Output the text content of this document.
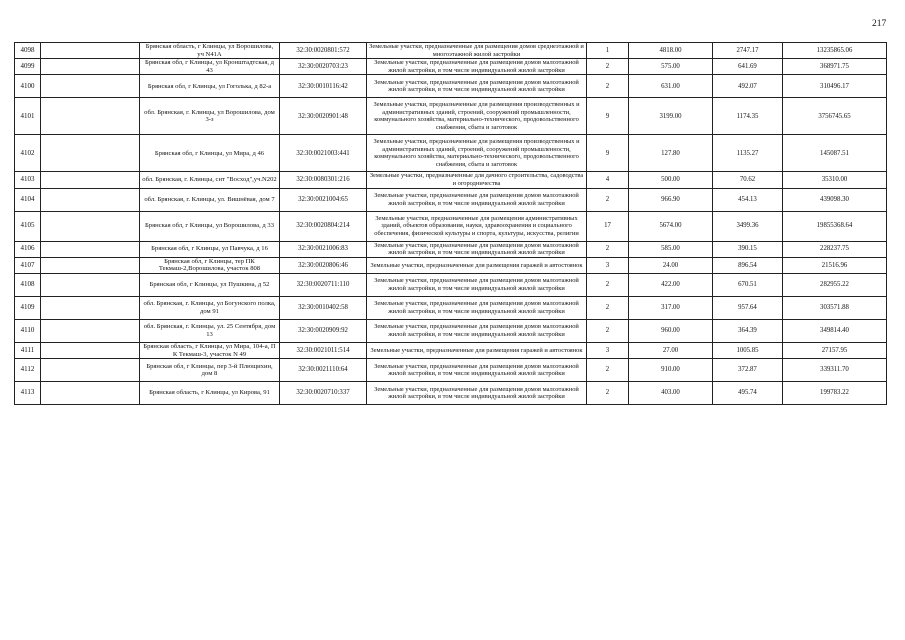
217
4098		Брянская область, г Клинцы, ул Ворошилова, уч N41А	32:30:0020801:572	Земельные участки, предназначенные для размещения домов среднеэтажной и многоэтажной жилой застройки	1	4818.00	2747.17	13235865.06
4099		Брянская обл, г Клинцы, ул Кронштадтская, д 43	32:30:0020703:23	Земельные участки, предназначенные для размещения домов малоэтажной жилой застройки, в том числе индивидуальной жилой застройки	2	575.00	641.69	368971.75
4100		Брянская обл, г Клинцы, ул Гоголька, д 82-а	32:30:0010116:42	Земельные участки, предназначенные для размещения домов малоэтажной жилой застройки, в том числе индивидуальной жилой застройки	2	631.00	492.07	310496.17
4101		обл. Брянская, г. Клинцы, ул Ворошилова, дом 3-з	32:30:0020901:48	Земельные участки, предназначенные для размещения производственных и административных зданий, строений, сооружений промышленности, коммунального хозяйства, материально-технического, продовольственного снабжения, сбыта и заготовок	9	3199.00	1174.35	3756745.65
4102		Брянская обл, г Клинцы, ул Мира, д 46	32:30:0021003:441	Земельные участки, предназначенные для размещения производственных и административных зданий, строений, сооружений промышленности, коммунального хозяйства, материально-технического, продовольственного снабжения, сбыта и заготовок	9	127.80	1135.27	145087.51
4103		обл. Брянская, г. Клинцы, снт "Восход",уч.N202	32:30:0080301:216	Земельные участки, предназначенные для дачного строительства, садоводства и огородничества	4	500.00	70.62	35310.00
4104		обл. Брянская, г. Клинцы, ул. Вишнёвая, дом 7	32:30:0021004:65	Земельные участки, предназначенные для размещения домов малоэтажной жилой застройки, в том числе индивидуальной жилой застройки	2	966.90	454.13	439098.30
4105		Брянская обл, г Клинцы, ул Ворошилова, д 33	32:30:0020804:214	Земельные участки, предназначенные для размещения административных зданий, объектов образования, науки, здравоохранения и социального обеспечения, физической культуры и спорта, культуры, искусства, религии	17	5674.00	3499.36	19855368.64
4106		Брянская обл, г Клинцы, ул Павчука, д 16	32:30:0021006:83	Земельные участки, предназначенные для размещения домов малоэтажной жилой застройки, в том числе индивидуальной жилой застройки	2	585.00	390.15	228237.75
4107		Брянская обл, г Клинцы, тер ПК Текмаш-2,Ворошилова, участок 808	32:30:0020806:46	Земельные участки, предназначенные для размещения гаражей и автостоянок	3	24.00	896.54	21516.96
4108		Брянская обл, г Клинцы, ул Пушкина, д 52	32:30:0020711:110	Земельные участки, предназначенные для размещения домов малоэтажной жилой застройки, в том числе индивидуальной жилой застройки	2	422.00	670.51	282955.22
4109		обл. Брянская, г. Клинцы, ул Богунского полка, дом 91	32:30:0010402:58	Земельные участки, предназначенные для размещения домов малоэтажной жилой застройки, в том числе индивидуальной жилой застройки	2	317.00	957.64	303571.88
4110		обл. Брянская, г. Клинцы, ул. 25 Сентября, дом 13	32:30:0020909:92	Земельные участки, предназначенные для размещения домов малоэтажной жилой застройки, в том числе индивидуальной жилой застройки	2	960.00	364.39	349814.40
4111		Брянская область, г Клинцы, ул Мира, 104-а, П К Текмаш-3, участок N 49	32:30:0021011:514	Земельные участки, предназначенные для размещения гаражей и автостоянок	3	27.00	1005.85	27157.95
4112		Брянская обл, г Клинцы, пер 3-й Плющихин, дом 8	32:30:0021110:64	Земельные участки, предназначенные для размещения домов малоэтажной жилой застройки, в том числе индивидуальной жилой застройки	2	910.00	372.87	339311.70
4113		Брянская область, г Клинцы, ул Кирова, 91	32:30:0020710:337	Земельные участки, предназначенные для размещения домов малоэтажной жилой застройки, в том числе индивидуальной жилой застройки	2	403.00	495.74	199783.22
